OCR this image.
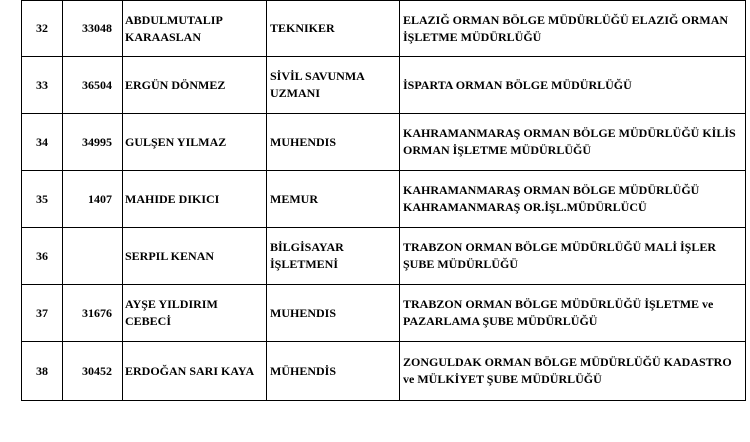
32	33048	ABDULMUTALIP KARAASLAN	TEKNIKER	ELAZIĞ ORMAN BÖLGE MÜDÜRLÜĞÜ ELAZIĞ ORMAN İŞLETME MÜDÜRLÜĞÜ
33	36504	ERGÜN DÖNMEZ	SİVİL SAVUNMA UZMANI	İSPARTA ORMAN BÖLGE MÜDÜRLÜĞÜ
34	34995	GULŞEN YILMAZ	MUHENDIS	KAHRAMANMARAŞ ORMAN BÖLGE MÜDÜRLÜĞÜ KİLİS ORMAN İŞLETME MÜDÜRLÜĞÜ
35	1407	MAHIDE DIKICI	MEMUR	KAHRAMANMARAŞ ORMAN BÖLGE MÜDÜRLÜĞÜ KAHRAMANMARAŞ OR.İŞL.MÜDÜRLÜCÜ
36		SERPIL KENAN	BİLGİSAYAR İŞLETMENİ	TRABZON ORMAN BÖLGE MÜDÜRLÜĞÜ MALİ İŞLER ŞUBE MÜDÜRLÜĞÜ
37	31676	AYŞE YILDIRIM CEBECİ	MUHENDIS	TRABZON ORMAN BÖLGE MÜDÜRLÜĞÜ İŞLETME ve PAZARLAMA ŞUBE MÜDÜRLÜĞÜ
38	30452	ERDOĞAN SARI KAYA	MÜHENDİS	ZONGULDAK ORMAN BÖLGE MÜDÜRLÜĞÜ KADASTRO ve MÜLKİYET ŞUBE MÜDÜRLÜĞÜ
